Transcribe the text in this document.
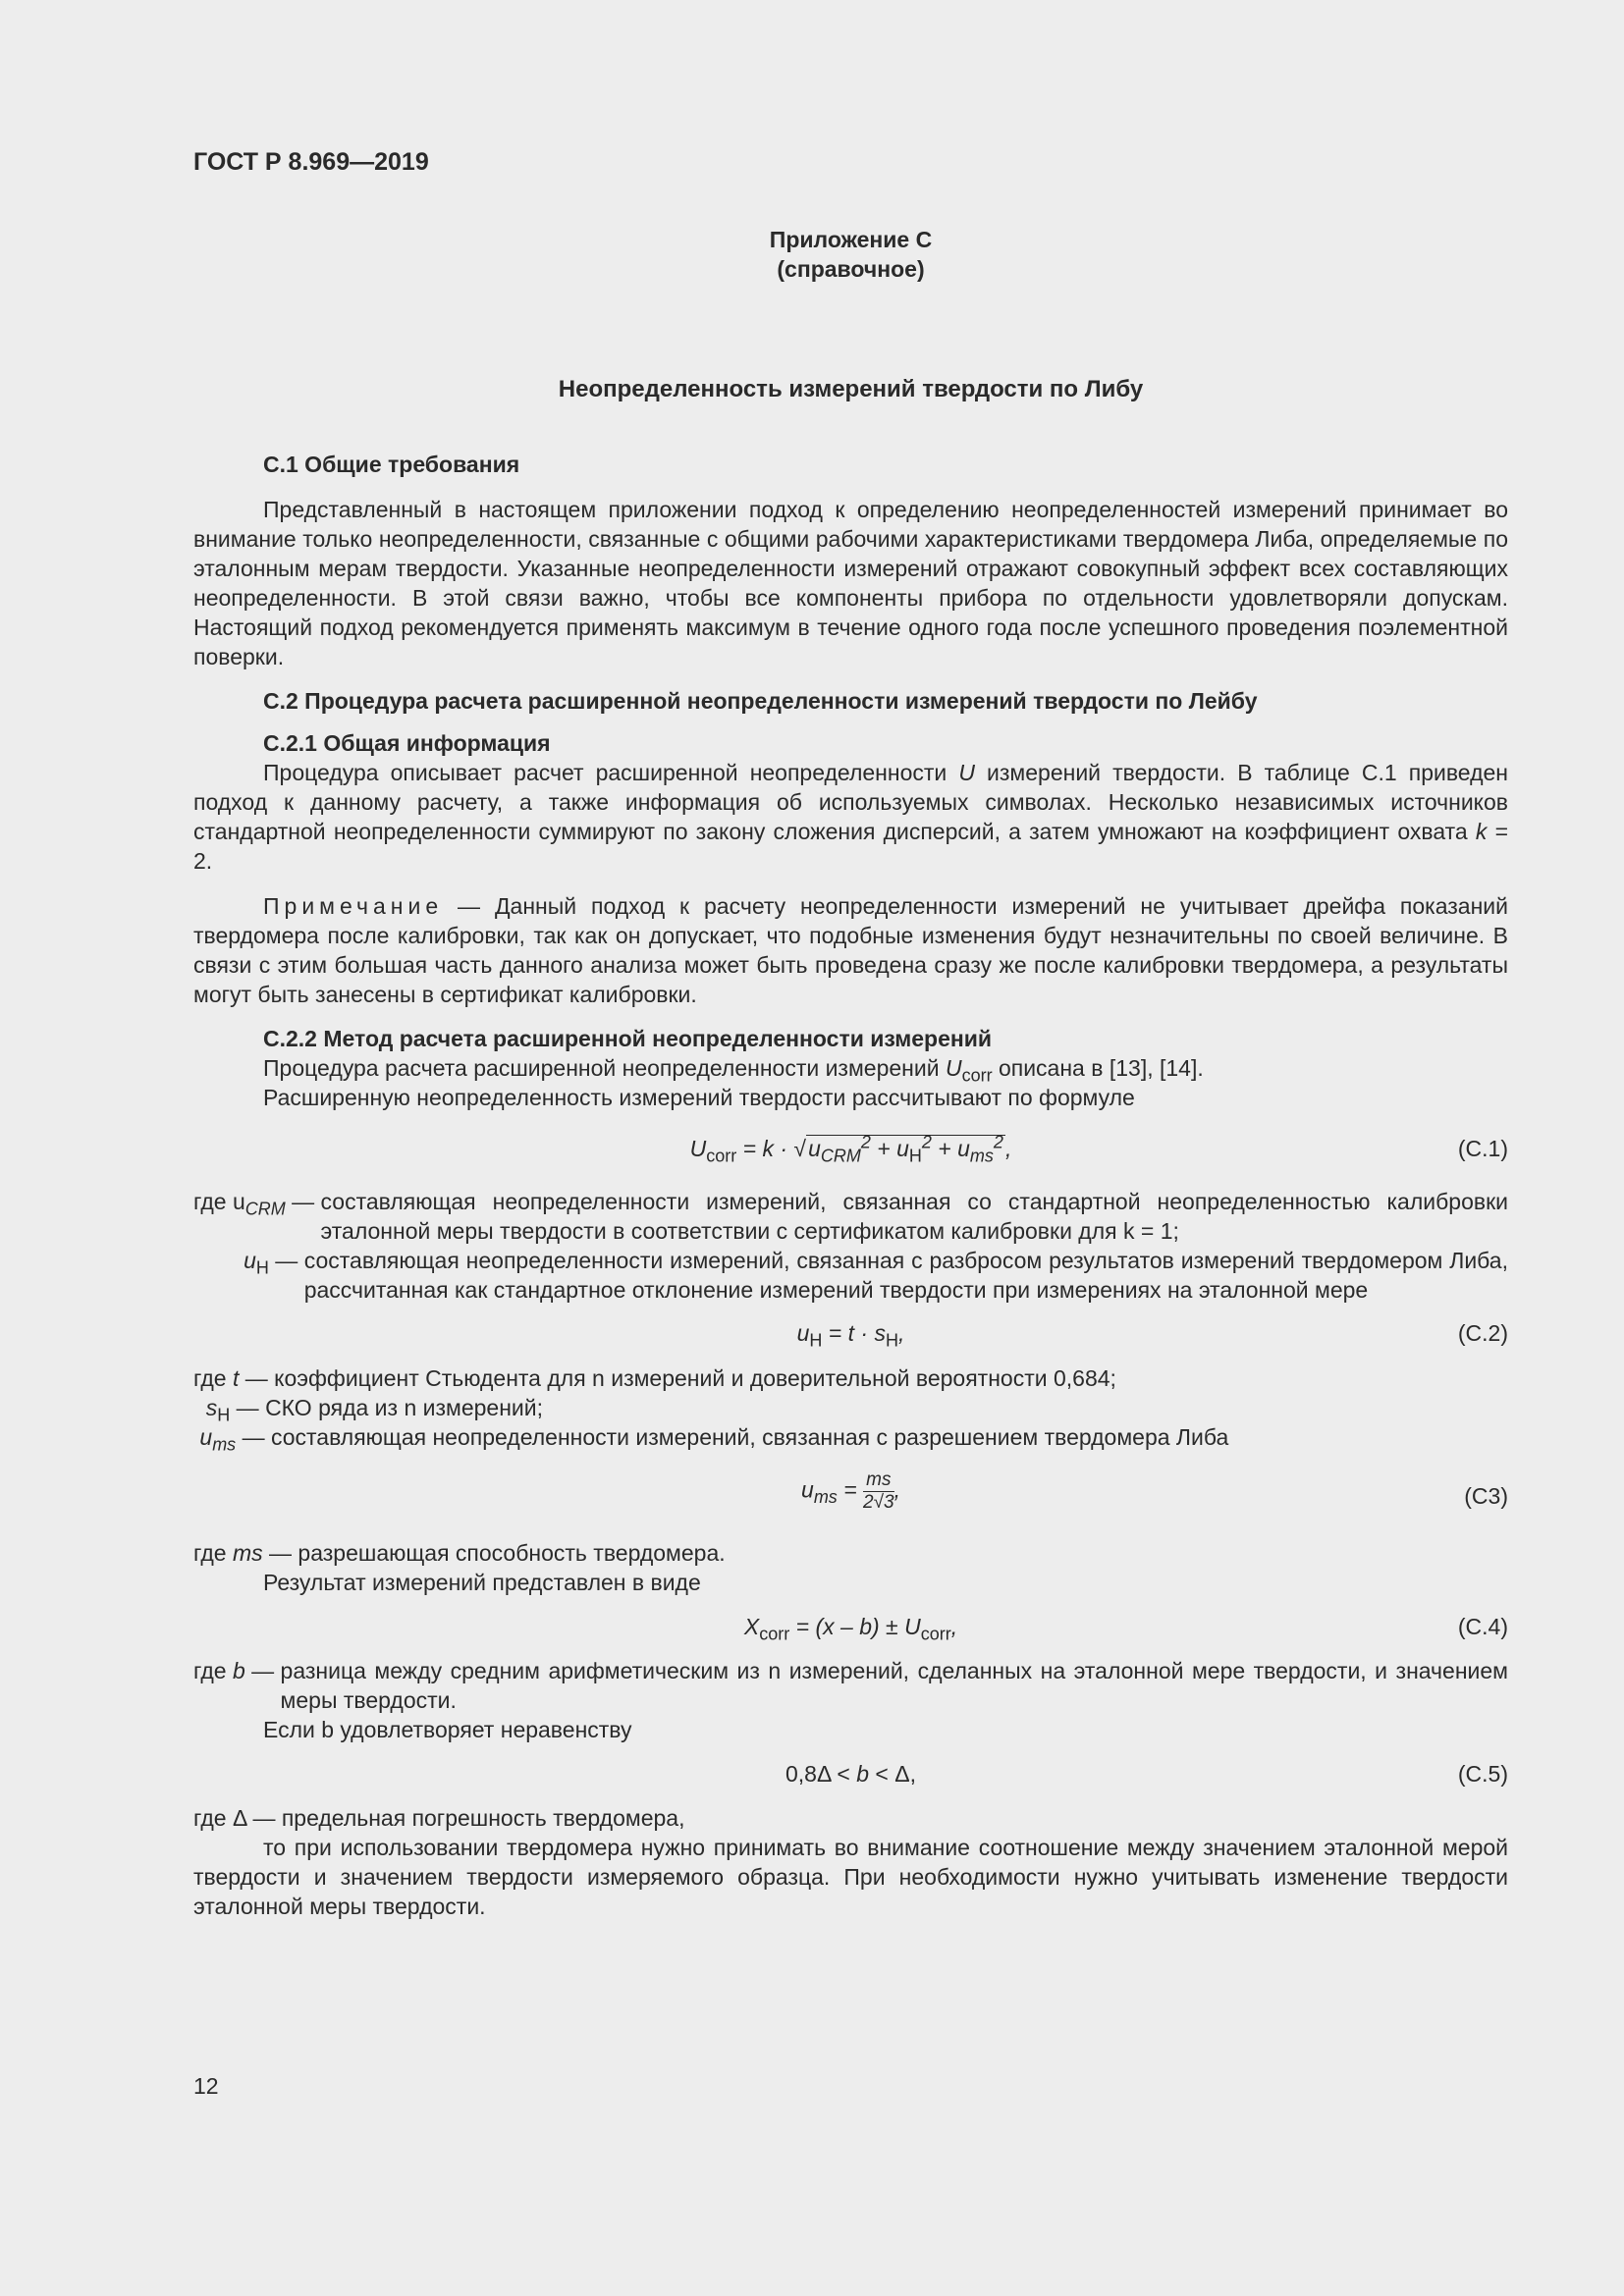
ГОСТ Р 8.969—2019
Приложение С
(справочное)
Неопределенность измерений твердости по Либу

С.1 Общие требования

Представленный в настоящем приложении подход к определению неопределенностей измерений принимает во внимание только неопределенности, связанные с общими рабочими характеристиками твердомера Либа, определяемые по эталонным мерам твердости. Указанные неопределенности измерений отражают совокупный эффект всех составляющих неопределенности. В этой связи важно, чтобы все компоненты прибора по отдельности удовлетворяли допускам. Настоящий подход рекомендуется применять максимум в течение одного года после успешного проведения поэлементной поверки.

С.2 Процедура расчета расширенной неопределенности измерений твердости по Лейбу

С.2.1 Общая информация

Процедура описывает расчет расширенной неопределенности U измерений твердости. В таблице С.1 приведен подход к данному расчету, а также информация об используемых символах. Несколько независимых источников стандартной неопределенности суммируют по закону сложения дисперсий, а затем умножают на коэффициент охвата k = 2.

Примечание — Данный подход к расчету неопределенности измерений не учитывает дрейфа показаний твердомера после калибровки, так как он допускает, что подобные изменения будут незначительны по своей величине. В связи с этим большая часть данного анализа может быть проведена сразу же после калибровки твердомера, а результаты могут быть занесены в сертификат калибровки.

С.2.2 Метод расчета расширенной неопределенности измерений

Процедура расчета расширенной неопределенности измерений $U_{corr}$ описана в [13], [14].

Расширенную неопределенность измерений твердости рассчитывают по формуле

$U_{corr} = k \cdot √u_{CRM}^2 + u_Н^2 + u_{ms}^2$,	(С.1)
где $u_{CRM}$ — составляющая неопределенности измерений, связанная со стандартной неопределенностью калибровки эталонной меры твердости в соответствии с сертификатом калибровки для k = 1;
$u_Н$ — составляющая неопределенности измерений, связанная с разбросом результатов измерений твердомером Либа, рассчитанная как стандартное отклонение измерений твердости при измерениях на эталонной мере
$u_Н = t \cdot s_Н$,	(С.2)
где t — коэффициент Стьюдента для n измерений и доверительной вероятности 0,684;
$s_Н$ — СКО ряда из n измерений;
$u_{ms}$ — составляющая неопределенности измерений, связанная с разрешением твердомера Либа
$u_{ms} = \frac{ms}{2√3}$ ,	(С3)
где ms — разрешающая способность твердомера.

Результат измерений представлен в виде

$X_{corr} = (x - b) \pm U_{corr}$,	(С.4)
где b — разница между средним арифметическим из n измерений, сделанных на эталонной мере твердости, и значением меры твердости.

Если b удовлетворяет неравенству

0,8Δ < b < Δ,	(С.5)
где Δ — предельная погрешность твердомера,

то при использовании твердомера нужно принимать во внимание соотношение между значением эталонной мерой твердости и значением твердости измеряемого образца. При необходимости нужно учитывать изменение твердости эталонной меры твердости.

12
